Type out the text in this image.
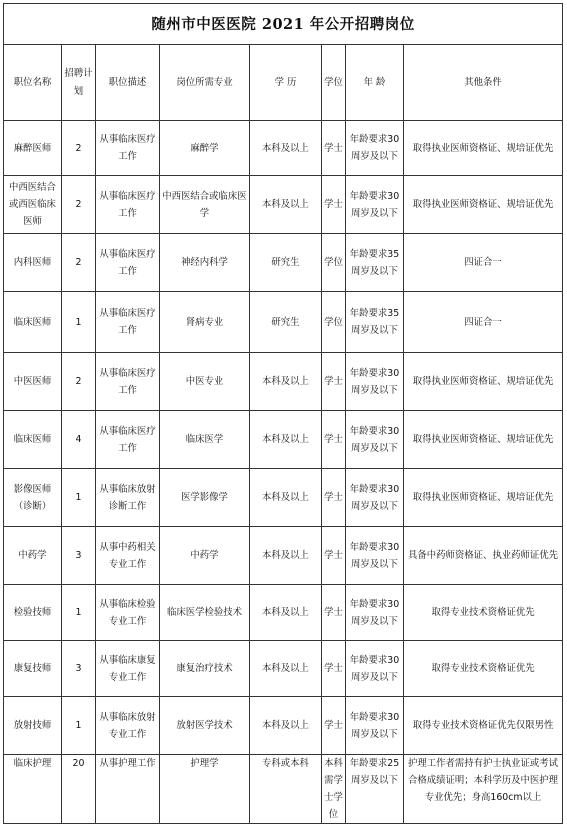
随州市中医医院 2021 年公开招聘岗位							
职位名称	招聘计划	职位描述	岗位所需专业	学 历	学位	年 龄	其他条件
麻醉医师	2	从事临床医疗工作	麻醉学	本科及以上	学士	年龄要求30周岁及以下	取得执业医师资格证、规培证优先
中西医结合或西医临床医师	2	从事临床医疗工作	中西医结合或临床医学	本科及以上	学士	年龄要求30周岁及以下	取得执业医师资格证、规培证优先
内科医师	2	从事临床医疗工作	神经内科学	研究生	学位	年龄要求35周岁及以下	四证合一
临床医师	1	从事临床医疗工作	肾病专业	研究生	学位	年龄要求35周岁及以下	四证合一
中医医师	2	从事临床医疗工作	中医专业	本科及以上	学士	年龄要求30周岁及以下	取得执业医师资格证、规培证优先
临床医师	4	从事临床医疗工作	临床医学	本科及以上	学士	年龄要求30周岁及以下	取得执业医师资格证、规培证优先
影像医师（诊断）	1	从事临床放射诊断工作	医学影像学	本科及以上	学士	年龄要求30周岁及以下	取得执业医师资格证、规培证优先
中药学	3	从事中药相关专业工作	中药学	本科及以上	学士	年龄要求30周岁及以下	具备中药师资格证、执业药师证优先
检验技师	1	从事临床检验专业工作	临床医学检验技术	本科及以上	学士	年龄要求30周岁及以下	取得专业技术资格证优先
康复技师	3	从事临床康复专业工作	康复治疗技术	本科及以上	学士	年龄要求30周岁及以下	取得专业技术资格证优先
放射技师	1	从事临床放射专业工作	放射医学技术	本科及以上	学士	年龄要求30周岁及以下	取得专业技术资格证优先仅限男性
临床护理	20	从事护理工作	护理学	专科或本科	本科需学士学位	年龄要求25周岁及以下	护理工作者需持有护士执业证或考试合格成绩证明；本科学历及中医护理专业优先；身高160cm以上
